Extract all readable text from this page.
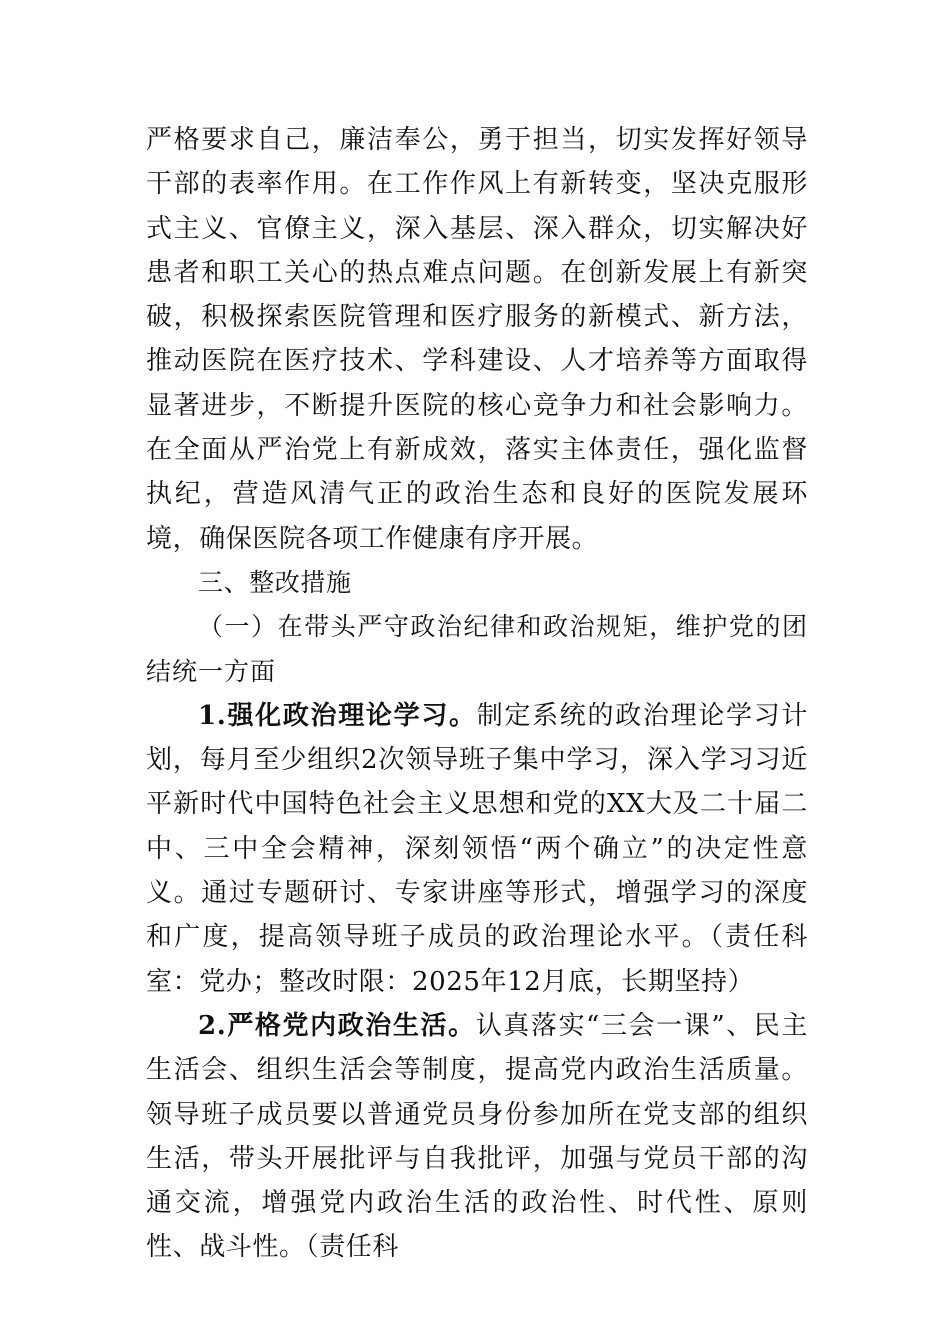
严格要求自己，廉洁奉公，勇于担当，切实发挥好领导干部的表率作用。在工作作风上有新转变，坚决克服形式主义、官僚主义，深入基层、深入群众，切实解决好患者和职工关心的热点难点问题。在创新发展上有新突破，积极探索医院管理和医疗服务的新模式、新方法，推动医院在医疗技术、学科建设、人才培养等方面取得显著进步，不断提升医院的核心竞争力和社会影响力。在全面从严治党上有新成效，落实主体责任，强化监督执纪，营造风清气正的政治生态和良好的医院发展环境，确保医院各项工作健康有序开展。

三、整改措施

（一）在带头严守政治纪律和政治规矩，维护党的团结统一方面

1.强化政治理论学习。制定系统的政治理论学习计划，每月至少组织2次领导班子集中学习，深入学习习近平新时代中国特色社会主义思想和党的XX大及二十届二中、三中全会精神，深刻领悟“两个确立”的决定性意义。通过专题研讨、专家讲座等形式，增强学习的深度和广度，提高领导班子成员的政治理论水平。（责任科室：党办；整改时限：2025年12月底，长期坚持）

2.严格党内政治生活。认真落实“三会一课”、民主生活会、组织生活会等制度，提高党内政治生活质量。领导班子成员要以普通党员身份参加所在党支部的组织生活，带头开展批评与自我批评，加强与党员干部的沟通交流，增强党内政治生活的政治性、时代性、原则性、战斗性。（责任科
